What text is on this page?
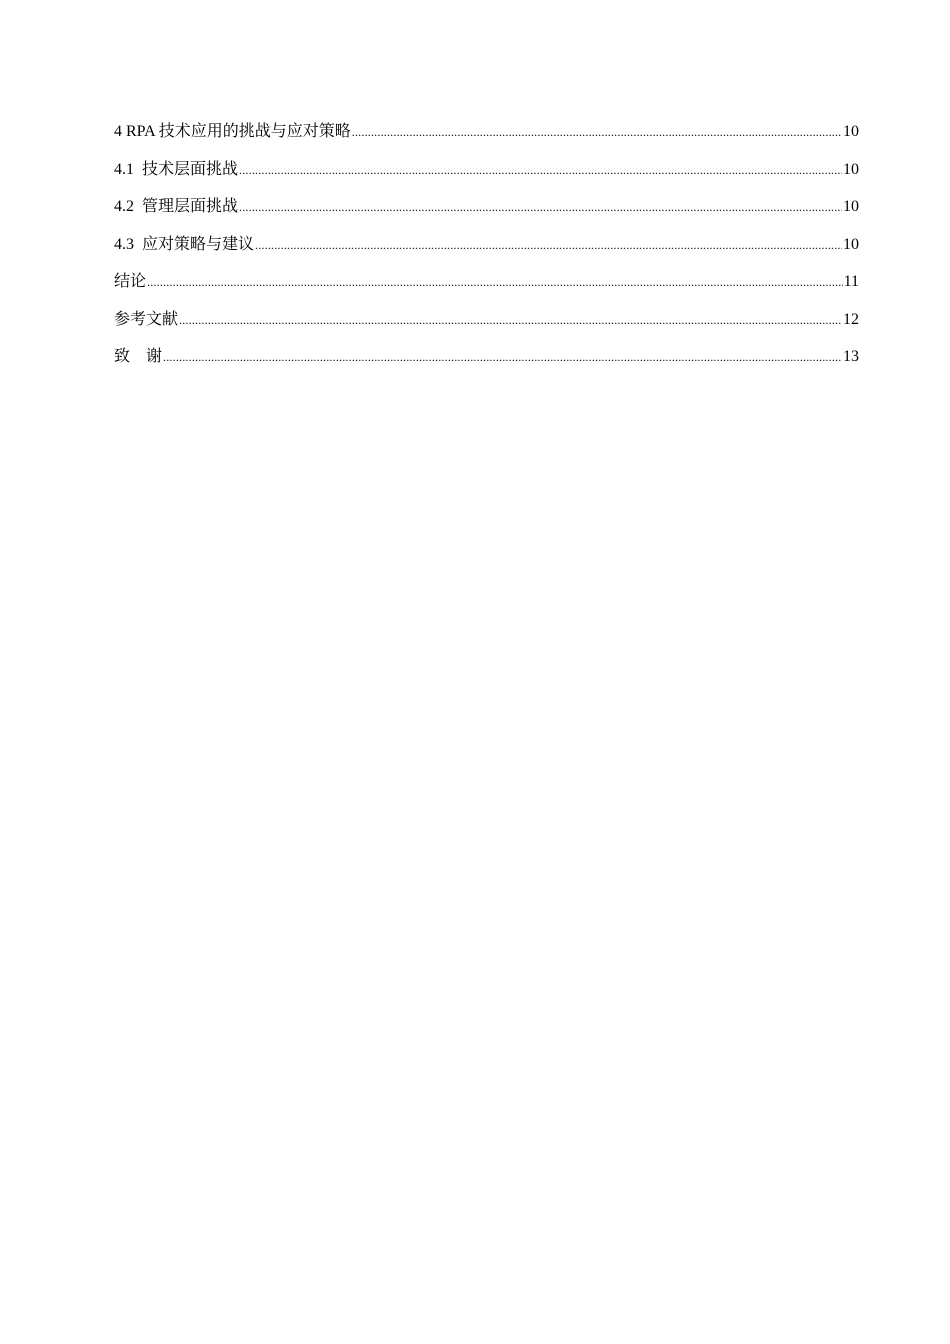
4 RPA 技术应用的挑战与应对策略 .....	10
4.1  技术层面挑战 .....	10
4.2  管理层面挑战 .....	10
4.3  应对策略与建议 .....	10
结论 .....	11
参考文献 .....	12
致    谢 .....	13
